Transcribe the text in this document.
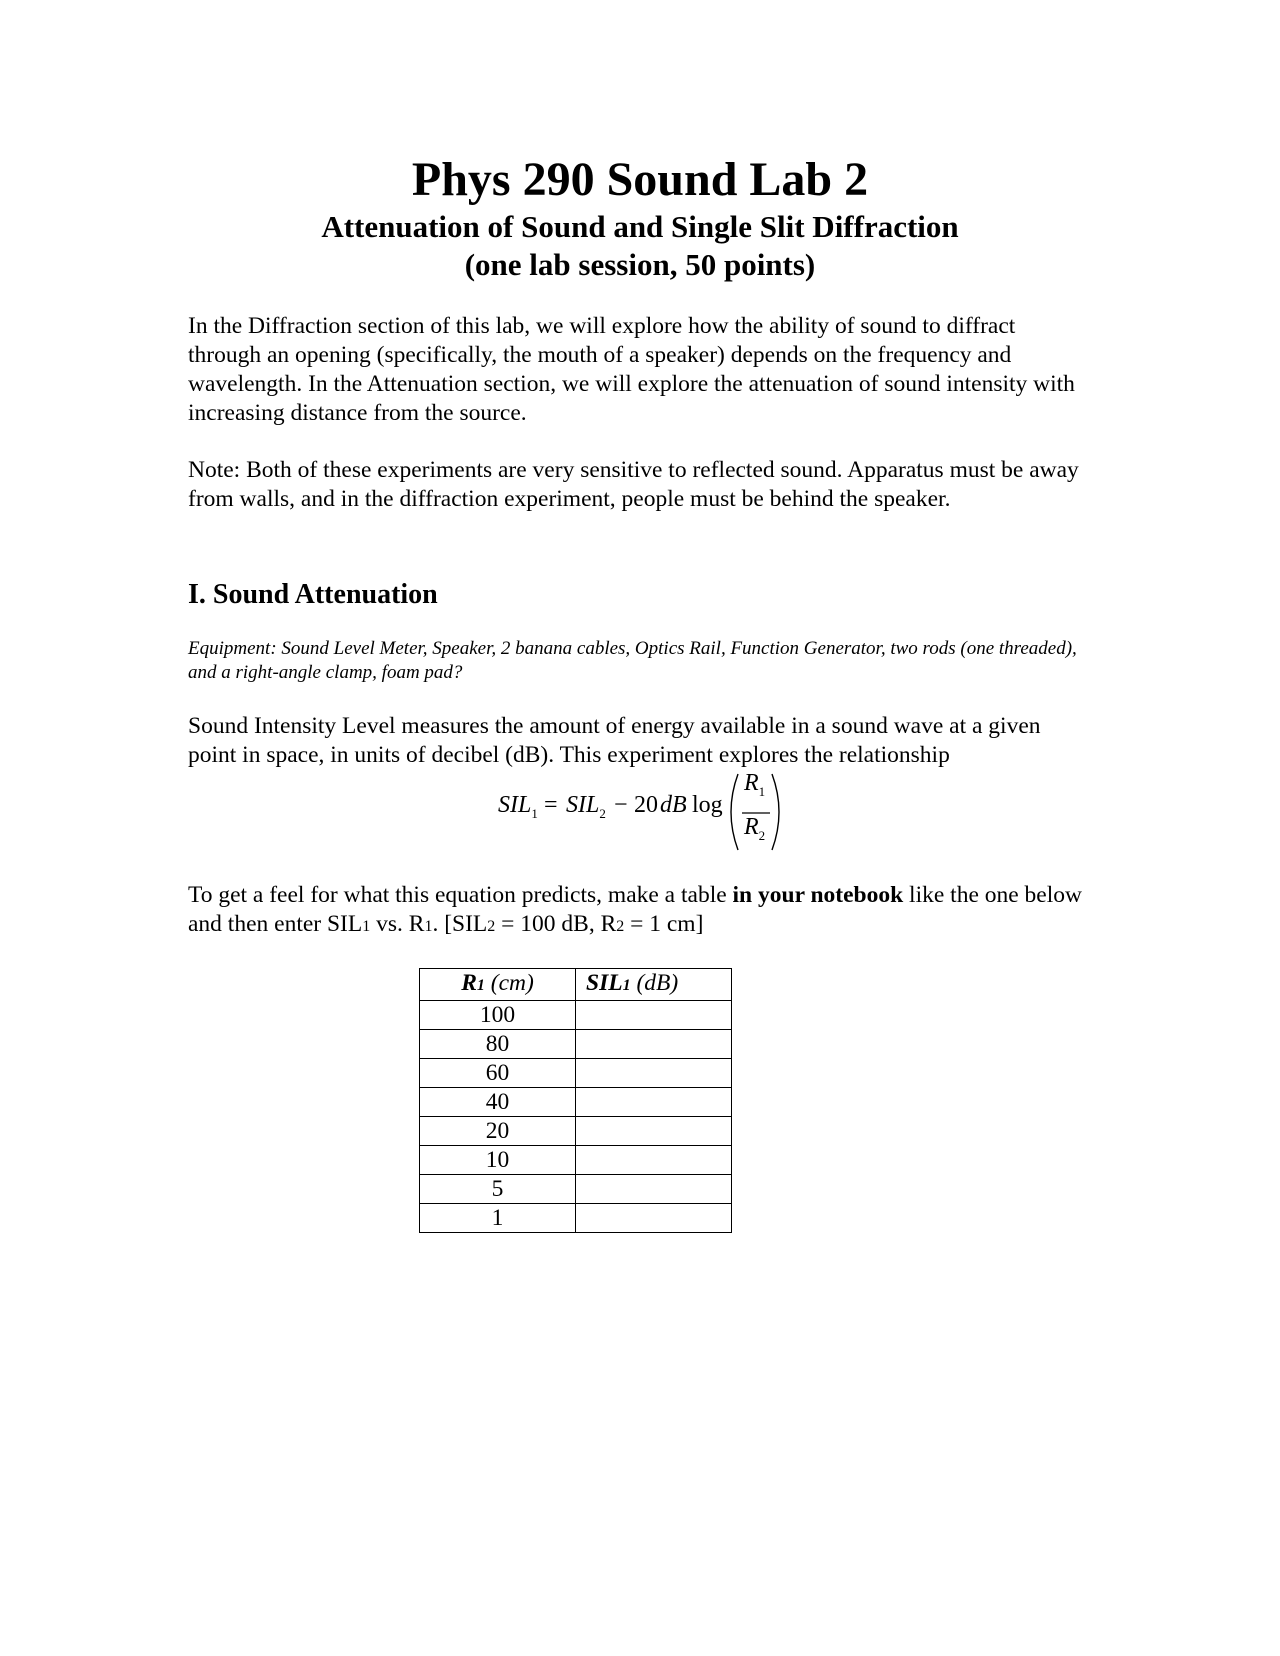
Phys 290 Sound Lab 2
Attenuation of Sound and Single Slit Diffraction
(one lab session, 50 points)

In the Diffraction section of this lab, we will explore how the ability of sound to diffract through an opening (specifically, the mouth of a speaker) depends on the frequency and wavelength. In the Attenuation section, we will explore the attenuation of sound intensity with increasing distance from the source.

Note: Both of these experiments are very sensitive to reflected sound. Apparatus must be away from walls, and in the diffraction experiment, people must be behind the speaker.

I. Sound Attenuation

Equipment: Sound Level Meter, Speaker, 2 banana cables, Optics Rail, Function Generator, two rods (one threaded), and a right-angle clamp, foam pad?

Sound Intensity Level measures the amount of energy available in a sound wave at a given point in space, in units of decibel (dB). This experiment explores the relationship

$SIL_1 = SIL_2 - 20$ dB log
$R_1$
$R_2$

To get a feel for what this equation predicts, make a table in your notebook like the one below and then enter SIL1 vs. R1. [SIL2 = 100 dB, R2 = 1 cm]

R1 (cm)	SIL1 (dB)
100	
80	
60	
40	
20	
10	
5	
1	
